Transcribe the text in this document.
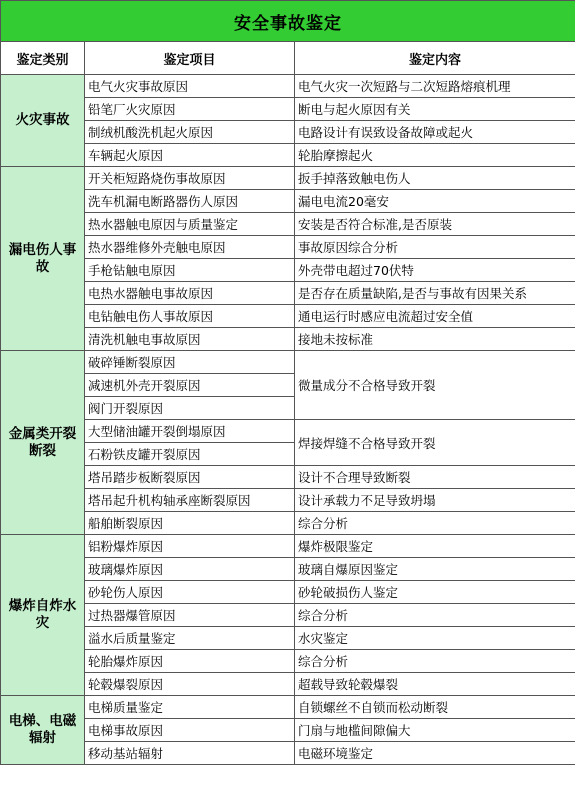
安全事故鉴定		
鉴定类别	鉴定项目	鉴定内容
火灾事故	电气火灾事故原因	电气火灾一次短路与二次短路熔痕机理
	铅笔厂火灾原因	断电与起火原因有关
	制绒机酸洗机起火原因	电路设计有误致设备故障或起火
	车辆起火原因	轮胎摩擦起火
漏电伤人事故	开关柜短路烧伤事故原因	扳手掉落致触电伤人
	洗车机漏电断路器伤人原因	漏电电流20毫安
	热水器触电原因与质量鉴定	安装是否符合标准,是否原装
	热水器维修外壳触电原因	事故原因综合分析
	手枪钻触电原因	外壳带电超过70伏特
	电热水器触电事故原因	是否存在质量缺陷,是否与事故有因果关系
	电钻触电伤人事故原因	通电运行时感应电流超过安全值
	清洗机触电事故原因	接地未按标准
金属类开裂断裂	破碎锤断裂原因	微量成分不合格导致开裂
	减速机外壳开裂原因	
	阀门开裂原因	
	大型储油罐开裂倒塌原因	焊接焊缝不合格导致开裂
	石粉铁皮罐开裂原因	
	塔吊踏步板断裂原因	设计不合理导致断裂
	塔吊起升机构轴承座断裂原因	设计承载力不足导致坍塌
	船舶断裂原因	综合分析
爆炸自炸水灾	铝粉爆炸原因	爆炸极限鉴定
	玻璃爆炸原因	玻璃自爆原因鉴定
	砂轮伤人原因	砂轮破损伤人鉴定
	过热器爆管原因	综合分析
	溢水后质量鉴定	水灾鉴定
	轮胎爆炸原因	综合分析
	轮毂爆裂原因	超载导致轮毂爆裂
电梯、电磁辐射	电梯质量鉴定	自锁螺丝不自锁而松动断裂
	电梯事故原因	门扇与地槛间隙偏大
	移动基站辐射	电磁环境鉴定
